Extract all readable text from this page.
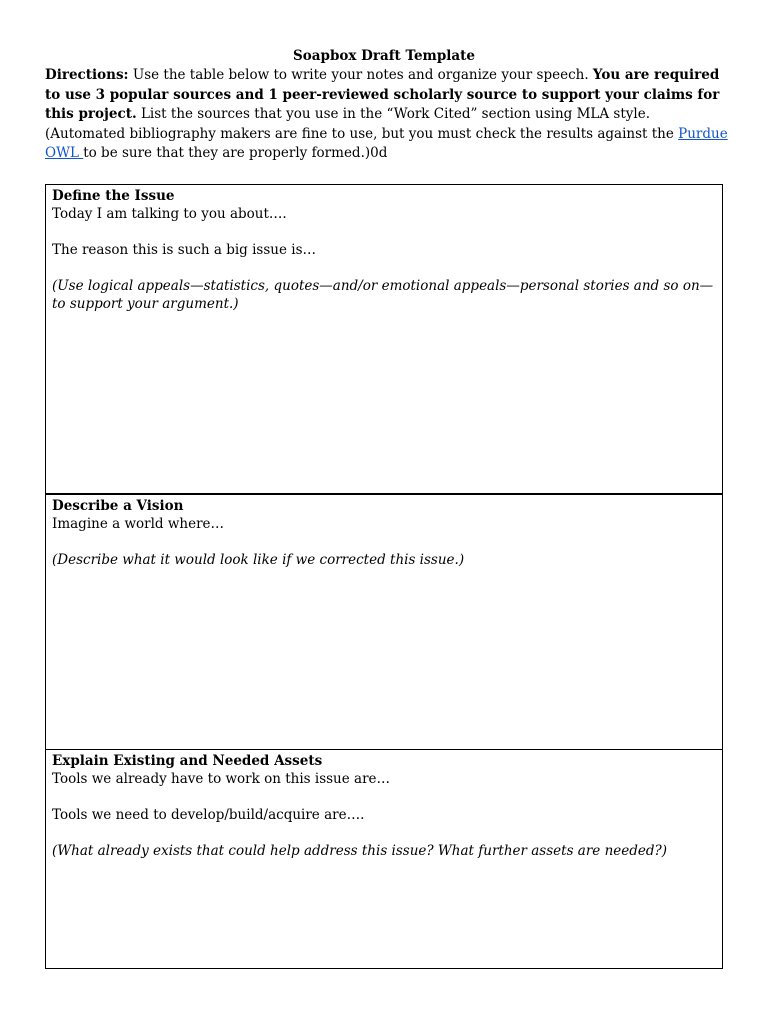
Soapbox Draft Template
Directions: Use the table below to write your notes and organize your speech. You are required to use 3 popular sources and 1 peer-reviewed scholarly source to support your claims for this project. List the sources that you use in the “Work Cited” section using MLA style. (Automated bibliography makers are fine to use, but you must check the results against the Purdue OWL to be sure that they are properly formed.)0d
Define the Issue
Today I am talking to you about….
The reason this is such a big issue is…
(Use logical appeals—statistics, quotes—and/or emotional appeals—personal stories and so on—to support your argument.)
Describe a Vision
Imagine a world where…
(Describe what it would look like if we corrected this issue.)
Explain Existing and Needed Assets
Tools we already have to work on this issue are…
Tools we need to develop/build/acquire are….
(What already exists that could help address this issue? What further assets are needed?)
